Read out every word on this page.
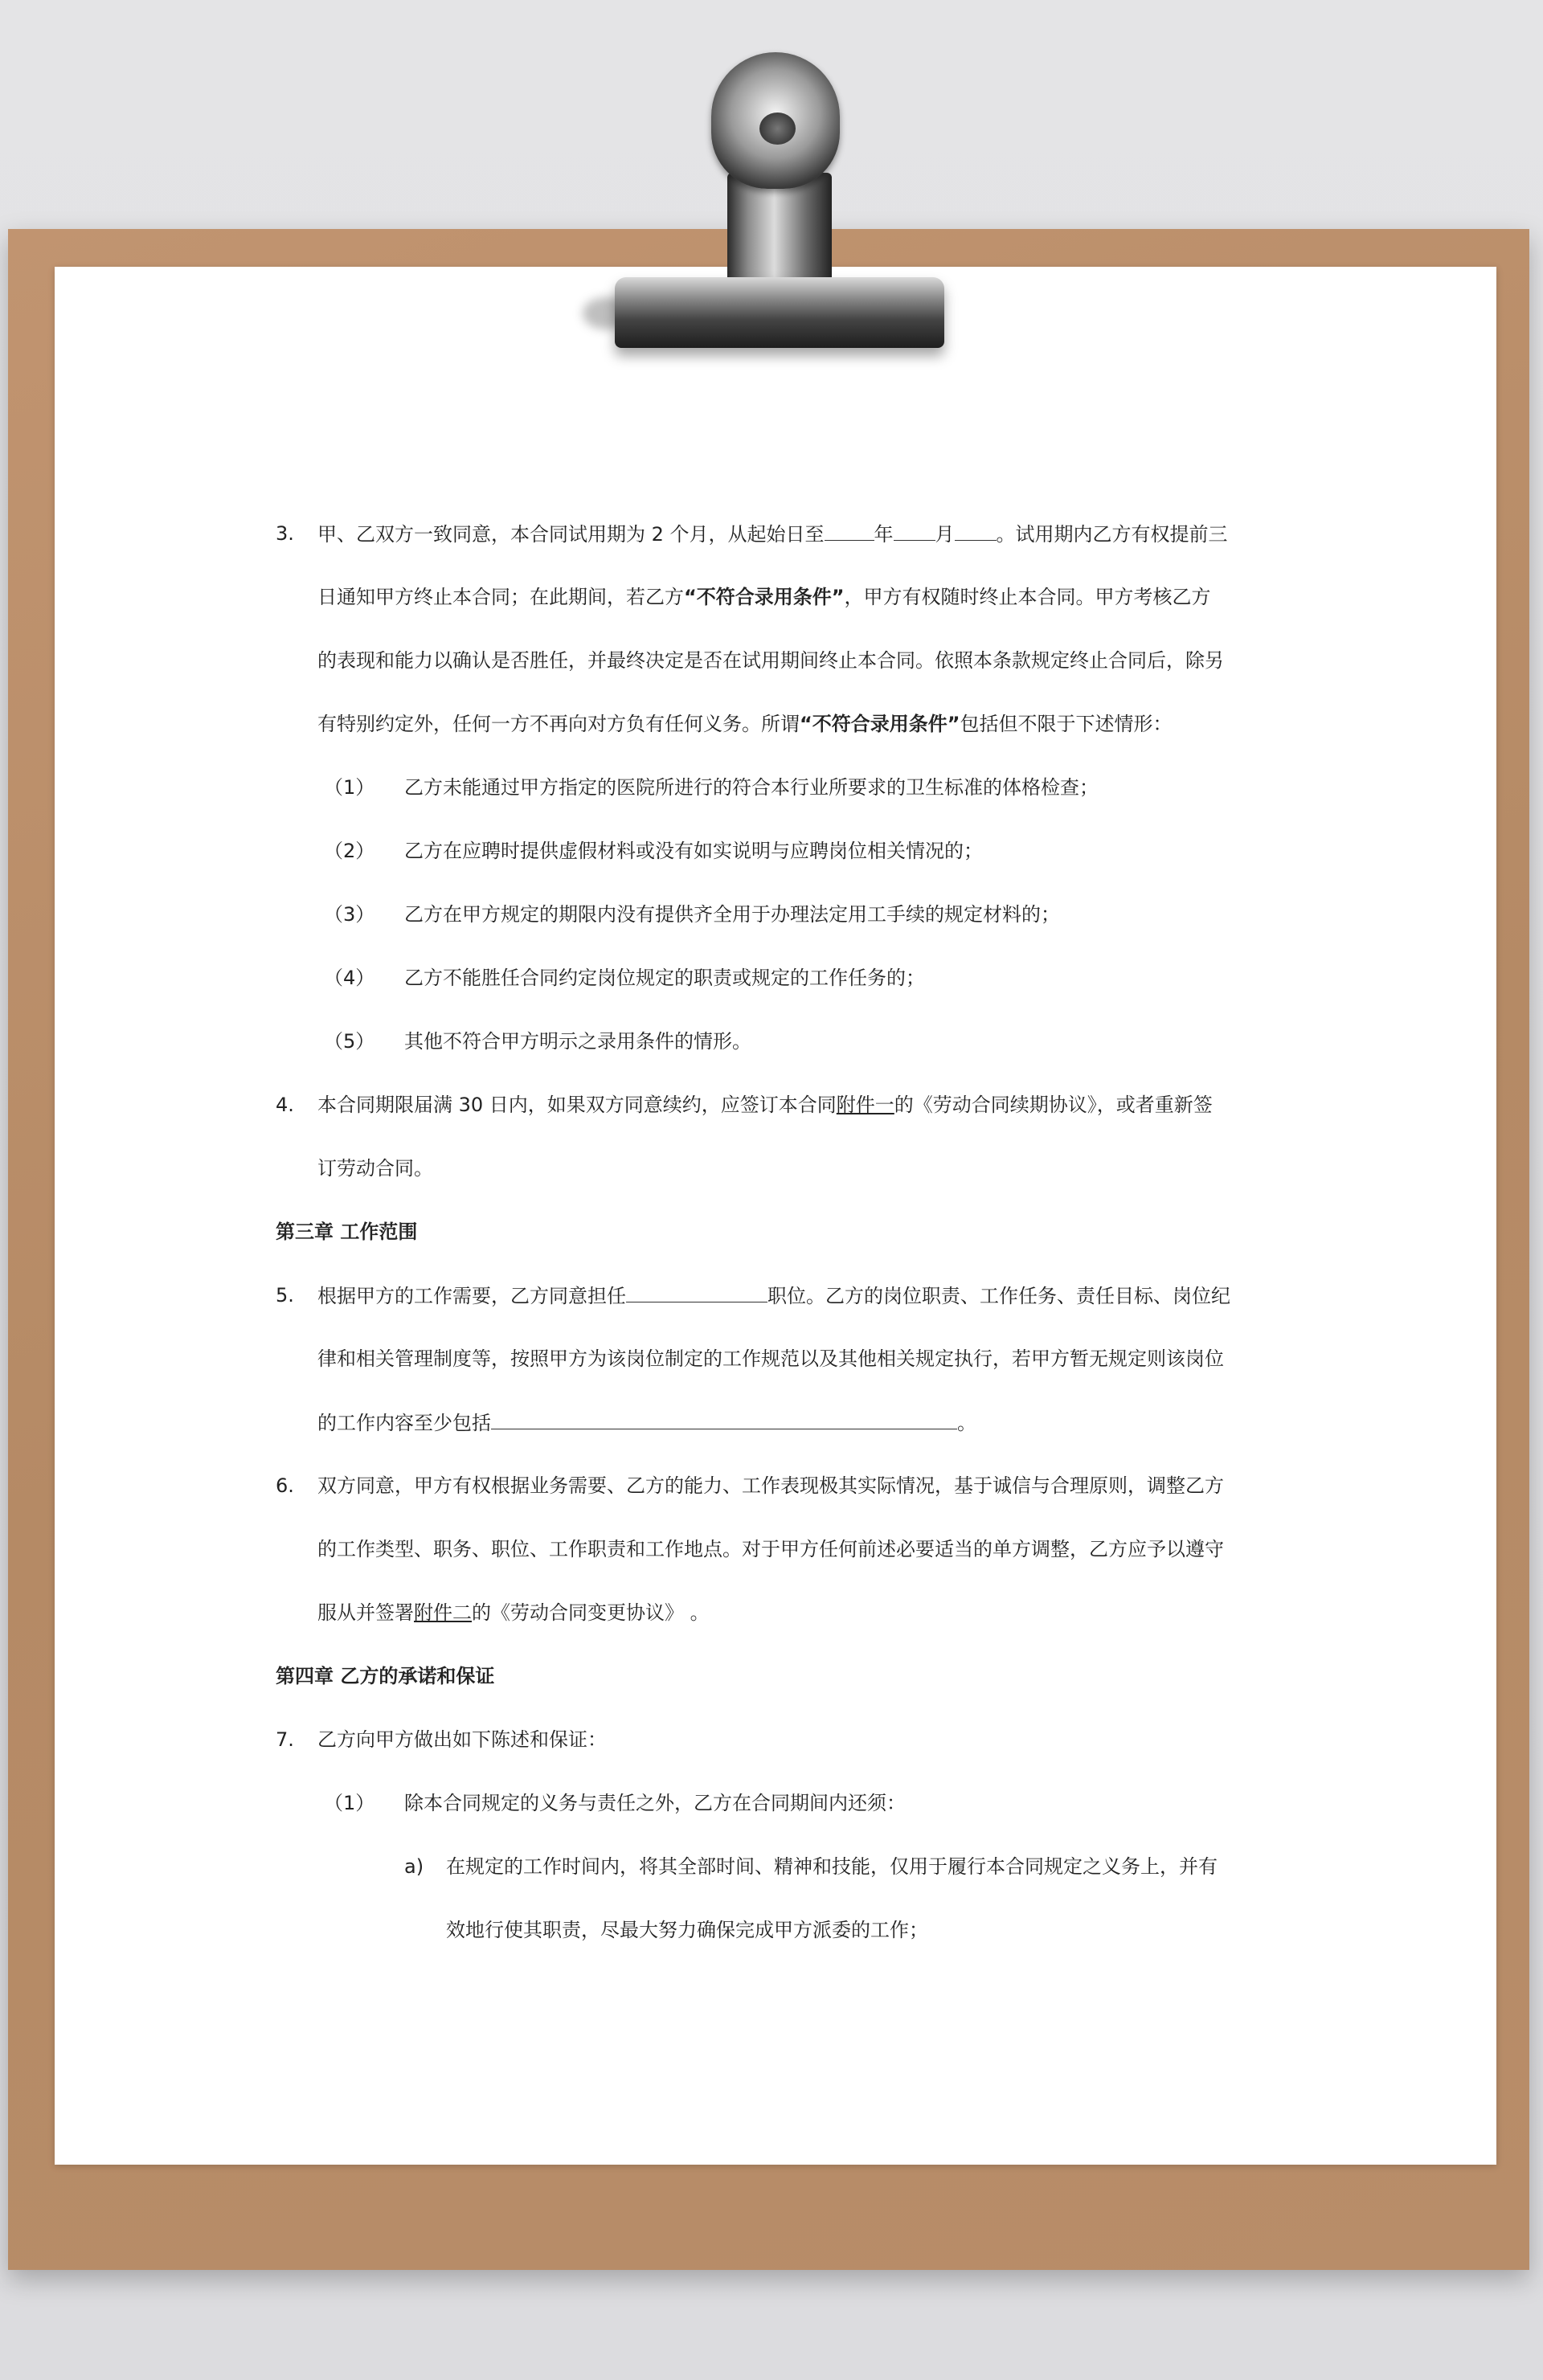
3. 甲、乙双方一致同意，本合同试用期为 2 个月，从起始日至	年 月 。试用期内乙方有权提前三
日通知甲方终止本合同；在此期间，若乙方“不符合录用条件”，甲方有权随时终止本合同。甲方考核乙方
的表现和能力以确认是否胜任，并最终决定是否在试用期间终止本合同。依照本条款规定终止合同后，除另
有特别约定外，任何一方不再向对方负有任何义务。所谓“不符合录用条件”包括但不限于下述情形：
（1） 乙方未能通过甲方指定的医院所进行的符合本行业所要求的卫生标准的体格检查；
（2） 乙方在应聘时提供虚假材料或没有如实说明与应聘岗位相关情况的；
（3） 乙方在甲方规定的期限内没有提供齐全用于办理法定用工手续的规定材料的；
（4） 乙方不能胜任合同约定岗位规定的职责或规定的工作任务的；
（5） 其他不符合甲方明示之录用条件的情形。
4. 本合同期限届满 30 日内，如果双方同意续约，应签订本合同附件一的《劳动合同续期协议》，或者重新签
订劳动合同。
第三章 工作范围
5. 根据甲方的工作需要，乙方同意担任	职位。乙方的岗位职责、工作任务、责任目标、岗位纪
律和相关管理制度等，按照甲方为该岗位制定的工作规范以及其他相关规定执行，若甲方暂无规定则该岗位
的工作内容至少包括	。
6. 双方同意，甲方有权根据业务需要、乙方的能力、工作表现极其实际情况，基于诚信与合理原则，调整乙方
的工作类型、职务、职位、工作职责和工作地点。对于甲方任何前述必要适当的单方调整，乙方应予以遵守
服从并签署附件二的《劳动合同变更协议》 。
第四章 乙方的承诺和保证
7. 乙方向甲方做出如下陈述和保证：
（1） 除本合同规定的义务与责任之外，乙方在合同期间内还须：
a) 在规定的工作时间内，将其全部时间、精神和技能，仅用于履行本合同规定之义务上，并有
效地行使其职责，尽最大努力确保完成甲方派委的工作；
